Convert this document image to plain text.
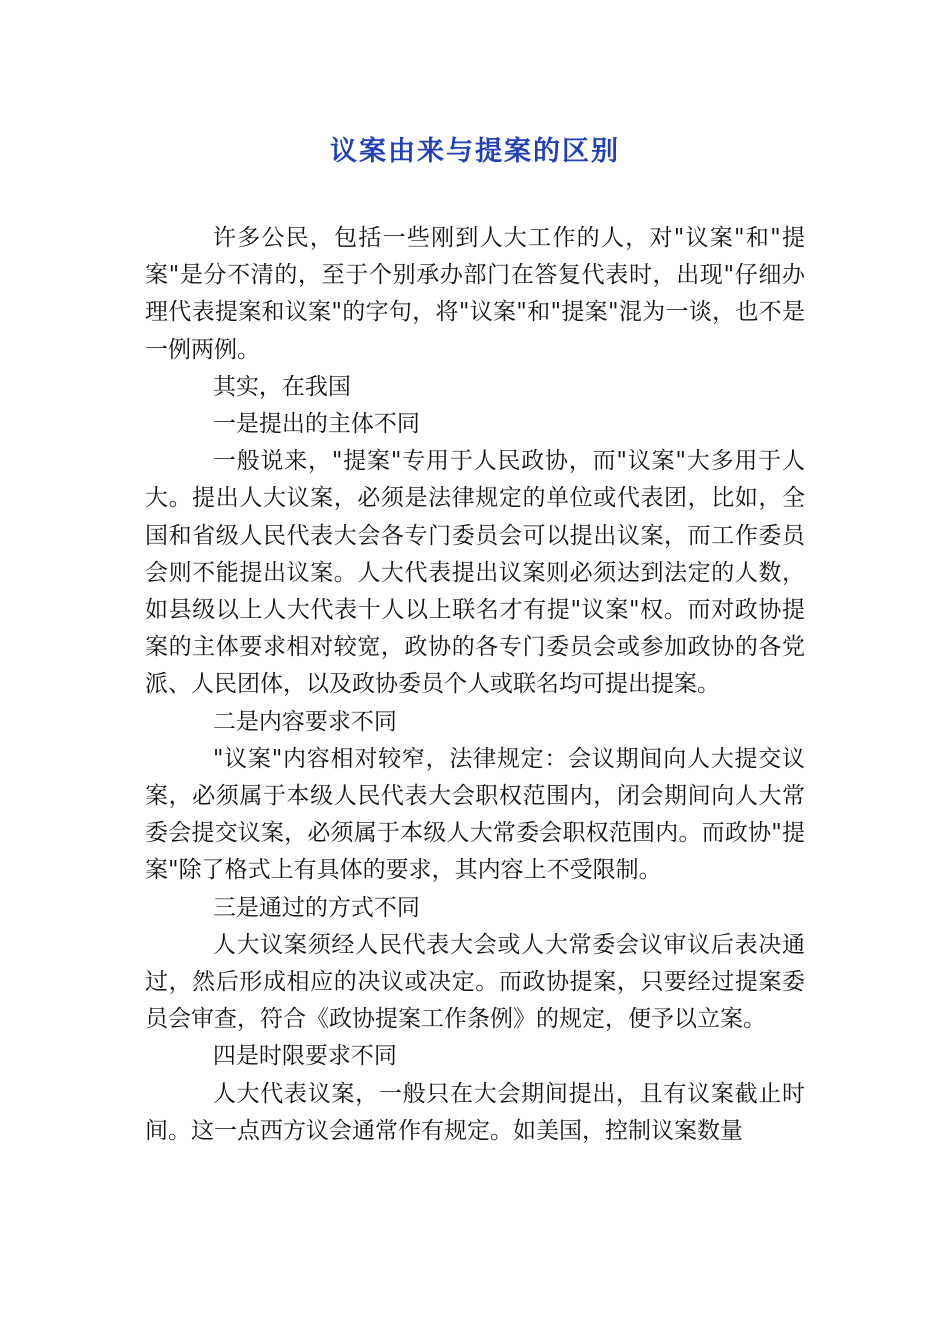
议案由来与提案的区别

许多公民，包括一些刚到人大工作的人，对"议案"和"提案"是分不清的，至于个别承办部门在答复代表时，出现"仔细办理代表提案和议案"的字句，将"议案"和"提案"混为一谈，也不是一例两例。

其实，在我国

一是提出的主体不同

一般说来，"提案"专用于人民政协，而"议案"大多用于人大。提出人大议案，必须是法律规定的单位或代表团，比如，全国和省级人民代表大会各专门委员会可以提出议案，而工作委员会则不能提出议案。人大代表提出议案则必须达到法定的人数，如县级以上人大代表十人以上联名才有提"议案"权。而对政协提案的主体要求相对较宽，政协的各专门委员会或参加政协的各党派、人民团体，以及政协委员个人或联名均可提出提案。

二是内容要求不同

"议案"内容相对较窄，法律规定：会议期间向人大提交议案，必须属于本级人民代表大会职权范围内，闭会期间向人大常委会提交议案，必须属于本级人大常委会职权范围内。而政协"提案"除了格式上有具体的要求，其内容上不受限制。

三是通过的方式不同

人大议案须经人民代表大会或人大常委会议审议后表决通过，然后形成相应的决议或决定。而政协提案，只要经过提案委员会审查，符合《政协提案工作条例》的规定，便予以立案。

四是时限要求不同

人大代表议案，一般只在大会期间提出，且有议案截止时间。这一点西方议会通常作有规定。如美国，控制议案数量
